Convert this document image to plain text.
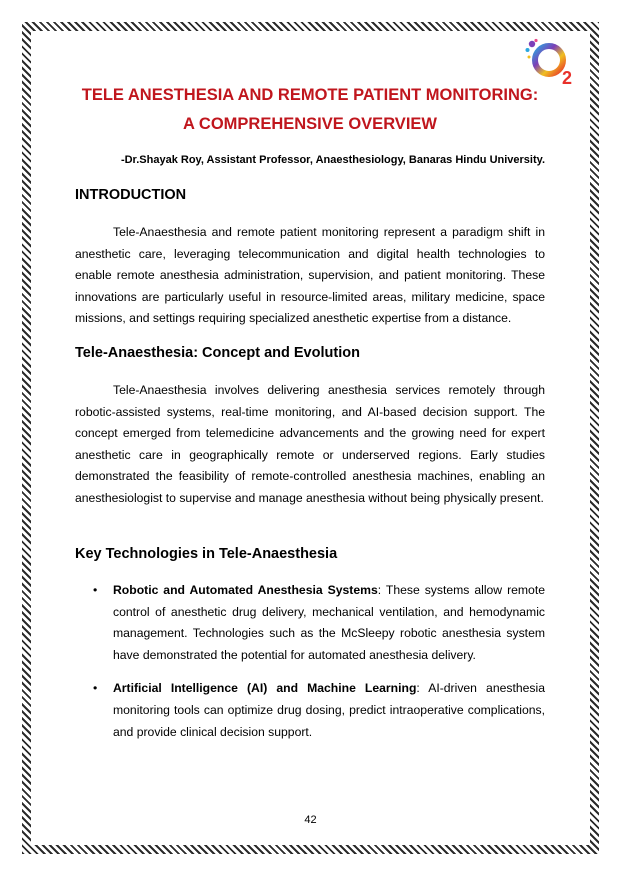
2
TELE ANESTHESIA AND REMOTE PATIENT MONITORING:
A COMPREHENSIVE OVERVIEW

-Dr.Shayak Roy, Assistant Professor, Anaesthesiology, Banaras Hindu University.

INTRODUCTION

Tele-Anaesthesia and remote patient monitoring represent a paradigm shift in anesthetic care, leveraging telecommunication and digital health technologies to enable remote anesthesia administration, supervision, and patient monitoring. These innovations are particularly useful in resource-limited areas, military medicine, space missions, and settings requiring specialized anesthetic expertise from a distance.

Tele-Anaesthesia: Concept and Evolution

Tele-Anaesthesia involves delivering anesthesia services remotely through robotic-assisted systems, real-time monitoring, and AI-based decision support. The concept emerged from telemedicine advancements and the growing need for expert anesthetic care in geographically remote or underserved regions. Early studies demonstrated the feasibility of remote-controlled anesthesia machines, enabling an anesthesiologist to supervise and manage anesthesia without being physically present.

Key Technologies in Tele-Anaesthesia
• Robotic and Automated Anesthesia Systems: These systems allow remote control of anesthetic drug delivery, mechanical ventilation, and hemodynamic management. Technologies such as the McSleepy robotic anesthesia system have demonstrated the potential for automated anesthesia delivery.
• Artificial Intelligence (AI) and Machine Learning: AI-driven anesthesia monitoring tools can optimize drug dosing, predict intraoperative complications, and provide clinical decision support.
42
